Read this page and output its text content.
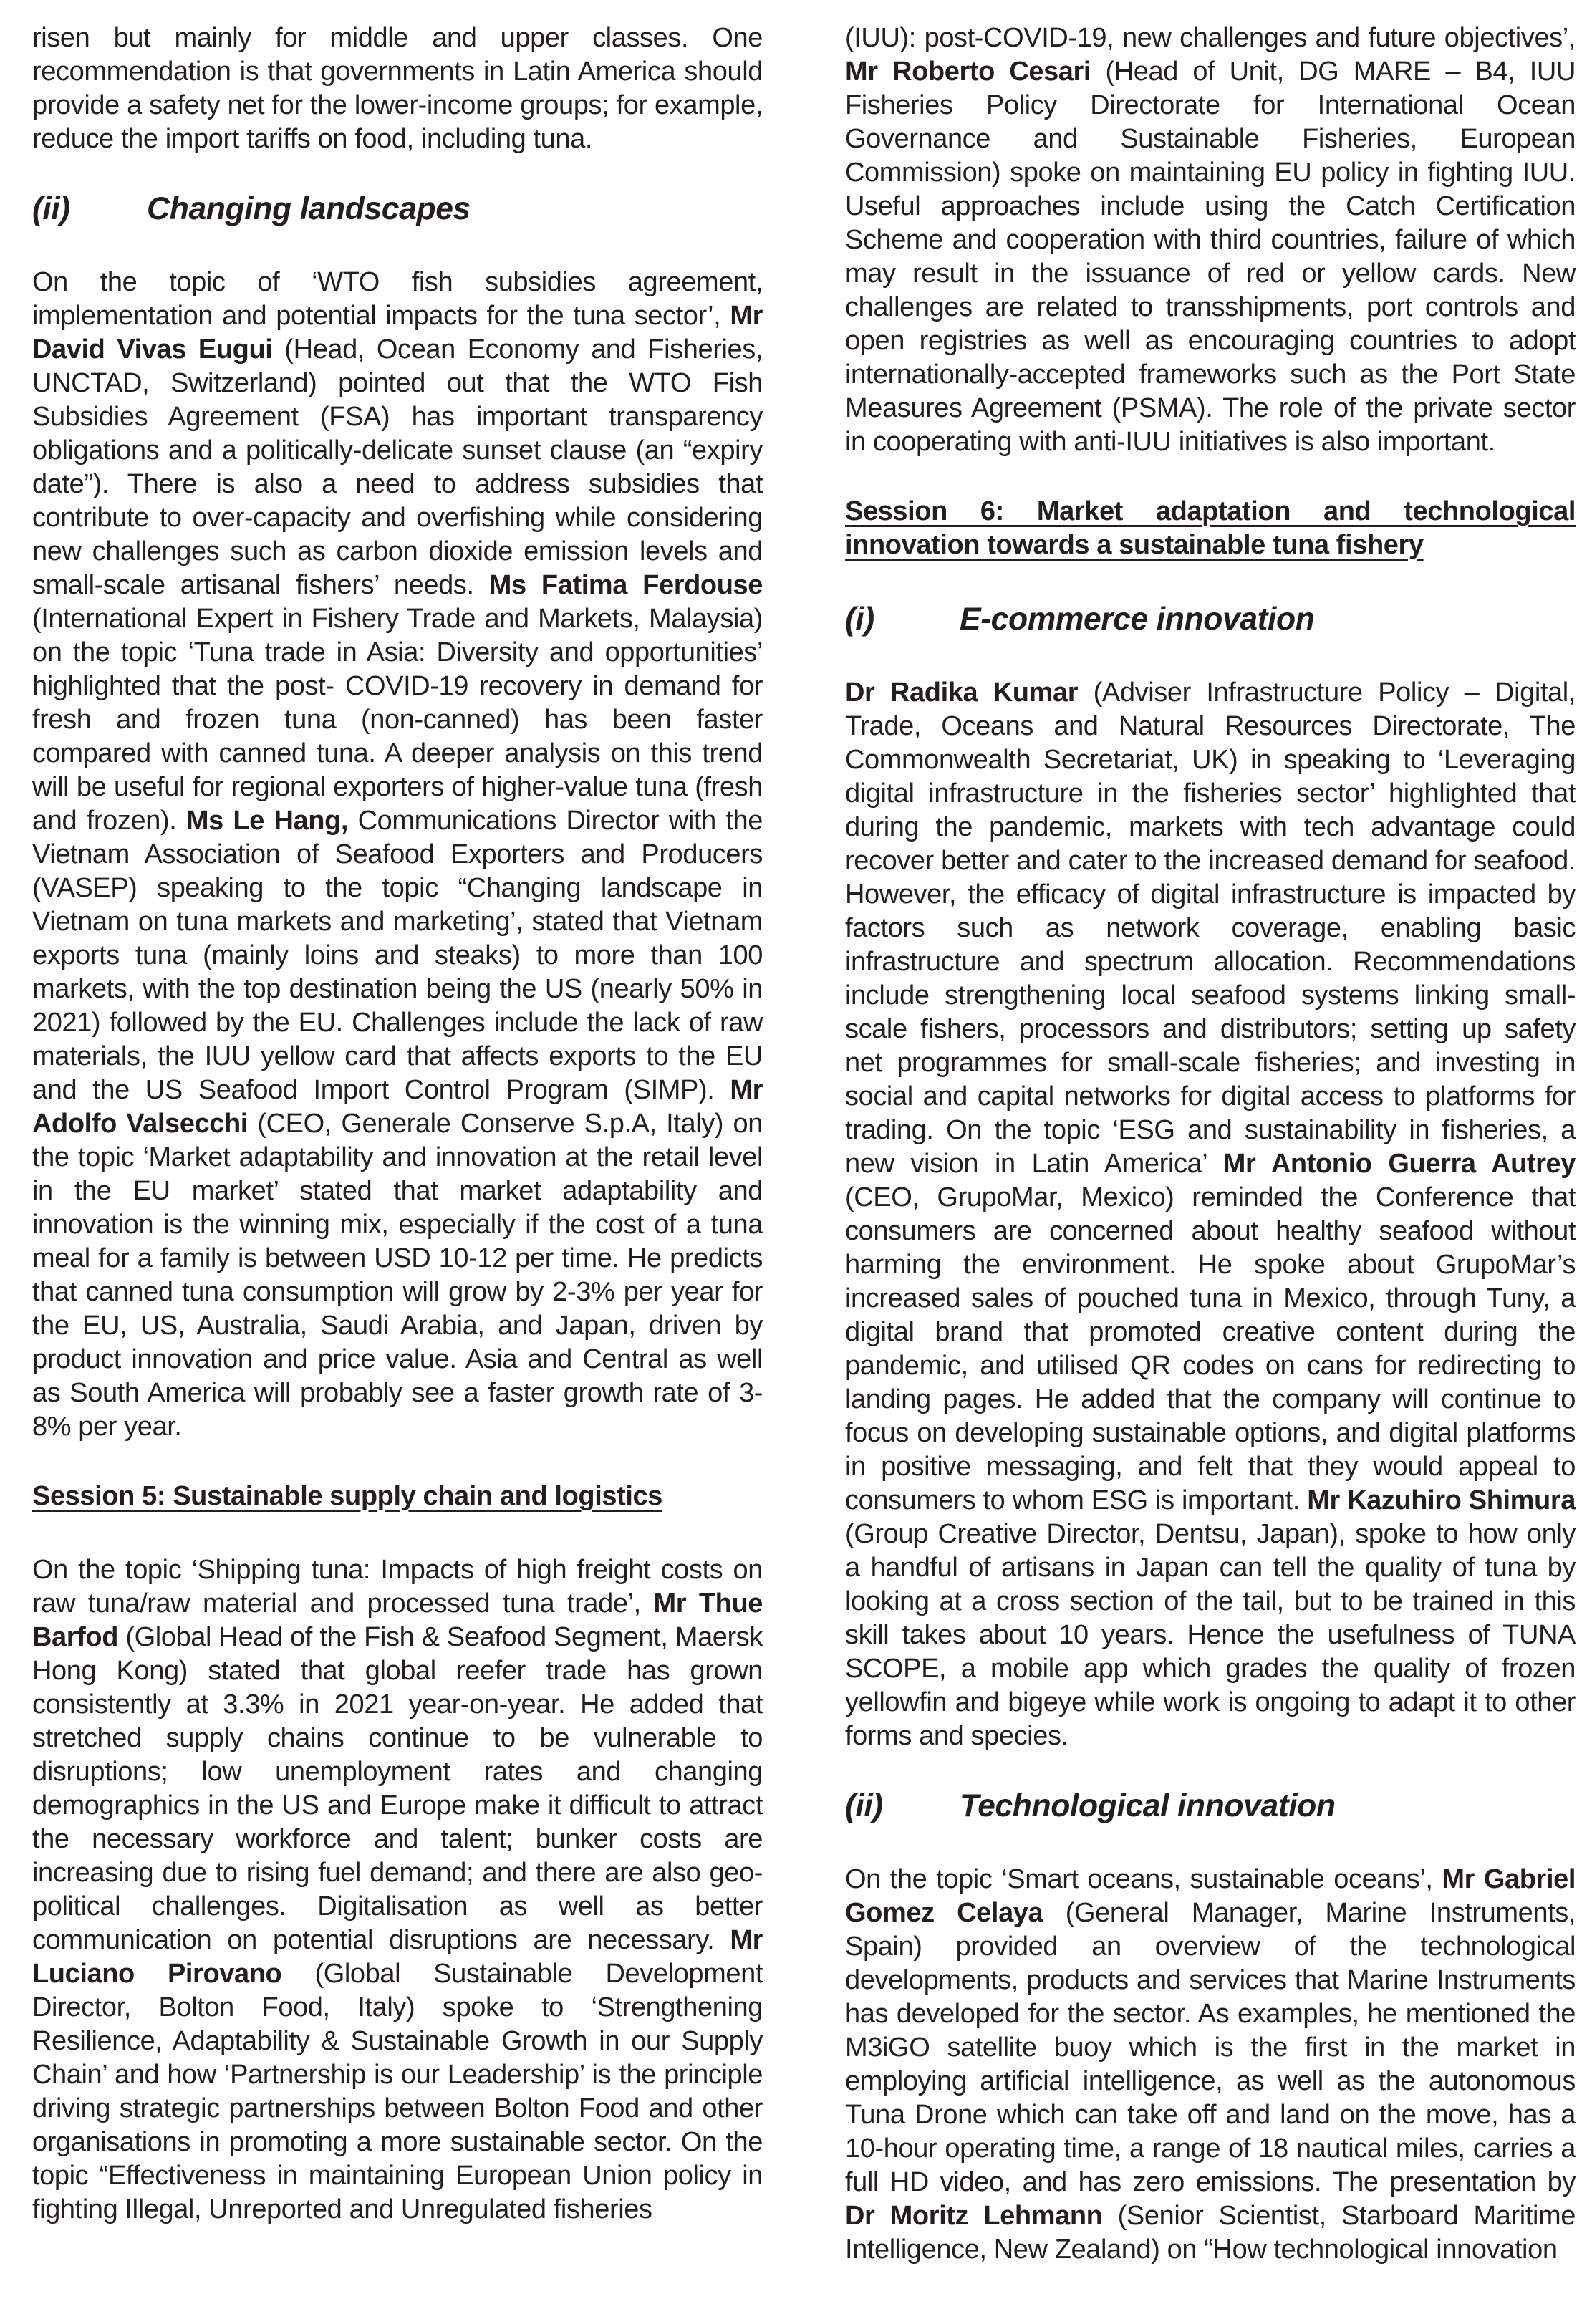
risen but mainly for middle and upper classes. One recommendation is that governments in Latin America should provide a safety net for the lower-income groups; for example, reduce the import tariffs on food, including tuna.

(ii)	Changing landscapes

On the topic of ‘WTO fish subsidies agreement, implementation and potential impacts for the tuna sector’, Mr David Vivas Eugui (Head, Ocean Economy and Fisheries, UNCTAD, Switzerland) pointed out that the WTO Fish Subsidies Agreement (FSA) has important transparency obligations and a politically-delicate sunset clause (an “expiry date”). There is also a need to address subsidies that contribute to over-capacity and overfishing while considering new challenges such as carbon dioxide emission levels and small-scale artisanal fishers’ needs. Ms Fatima Ferdouse (International Expert in Fishery Trade and Markets, Malaysia) on the topic ‘Tuna trade in Asia: Diversity and opportunities’ highlighted that the post- COVID-19 recovery in demand for fresh and frozen tuna (non-canned) has been faster compared with canned tuna. A deeper analysis on this trend will be useful for regional exporters of higher-value tuna (fresh and frozen). Ms Le Hang, Communications Director with the Vietnam Association of Seafood Exporters and Producers (VASEP) speaking to the topic “Changing landscape in Vietnam on tuna markets and marketing’, stated that Vietnam exports tuna (mainly loins and steaks) to more than 100 markets, with the top destination being the US (nearly 50% in 2021) followed by the EU. Challenges include the lack of raw materials, the IUU yellow card that affects exports to the EU and the US Seafood Import Control Program (SIMP). Mr Adolfo Valsecchi (CEO, Generale Conserve S.p.A, Italy) on the topic ‘Market adaptability and innovation at the retail level in the EU market’ stated that market adaptability and innovation is the winning mix, especially if the cost of a tuna meal for a family is between USD 10-12 per time. He predicts that canned tuna consumption will grow by 2-3% per year for the EU, US, Australia, Saudi Arabia, and Japan, driven by product innovation and price value. Asia and Central as well as South America will probably see a faster growth rate of 3-8% per year.

Session 5: Sustainable supply chain and logistics

On the topic ‘Shipping tuna: Impacts of high freight costs on raw tuna/raw material and processed tuna trade’, Mr Thue Barfod (Global Head of the Fish & Seafood Segment, Maersk Hong Kong) stated that global reefer trade has grown consistently at 3.3% in 2021 year-on-year. He added that stretched supply chains continue to be vulnerable to disruptions; low unemployment rates and changing demographics in the US and Europe make it difficult to attract the necessary workforce and talent; bunker costs are increasing due to rising fuel demand; and there are also geo-political challenges. Digitalisation as well as better communication on potential disruptions are necessary. Mr Luciano Pirovano (Global Sustainable Development Director, Bolton Food, Italy) spoke to ‘Strengthening Resilience, Adaptability & Sustainable Growth in our Supply Chain’ and how ‘Partnership is our Leadership’ is the principle driving strategic partnerships between Bolton Food and other organisations in promoting a more sustainable sector. On the topic “Effectiveness in maintaining European Union policy in fighting Illegal, Unreported and Unregulated fisheries

(IUU): post-COVID-19, new challenges and future objectives’, Mr Roberto Cesari (Head of Unit, DG MARE – B4, IUU Fisheries Policy Directorate for International Ocean Governance and Sustainable Fisheries, European Commission) spoke on maintaining EU policy in fighting IUU. Useful approaches include using the Catch Certification Scheme and cooperation with third countries, failure of which may result in the issuance of red or yellow cards. New challenges are related to transshipments, port controls and open registries as well as encouraging countries to adopt internationally-accepted frameworks such as the Port State Measures Agreement (PSMA). The role of the private sector in cooperating with anti-IUU initiatives is also important.

Session 6: Market adaptation and technological innovation towards a sustainable tuna fishery
(i)	E-commerce innovation

Dr Radika Kumar (Adviser Infrastructure Policy – Digital, Trade, Oceans and Natural Resources Directorate, The Commonwealth Secretariat, UK) in speaking to ‘Leveraging digital infrastructure in the fisheries sector’ highlighted that during the pandemic, markets with tech advantage could recover better and cater to the increased demand for seafood. However, the efficacy of digital infrastructure is impacted by factors such as network coverage, enabling basic infrastructure and spectrum allocation. Recommendations include strengthening local seafood systems linking small-scale fishers, processors and distributors; setting up safety net programmes for small-scale fisheries; and investing in social and capital networks for digital access to platforms for trading. On the topic ‘ESG and sustainability in fisheries, a new vision in Latin America’ Mr Antonio Guerra Autrey (CEO, GrupoMar, Mexico) reminded the Conference that consumers are concerned about healthy seafood without harming the environment. He spoke about GrupoMar’s increased sales of pouched tuna in Mexico, through Tuny, a digital brand that promoted creative content during the pandemic, and utilised QR codes on cans for redirecting to landing pages. He added that the company will continue to focus on developing sustainable options, and digital platforms in positive messaging, and felt that they would appeal to consumers to whom ESG is important. Mr Kazuhiro Shimura (Group Creative Director, Dentsu, Japan), spoke to how only a handful of artisans in Japan can tell the quality of tuna by looking at a cross section of the tail, but to be trained in this skill takes about 10 years. Hence the usefulness of TUNA SCOPE, a mobile app which grades the quality of frozen yellowfin and bigeye while work is ongoing to adapt it to other forms and species.

(ii)	Technological innovation

On the topic ‘Smart oceans, sustainable oceans’, Mr Gabriel Gomez Celaya (General Manager, Marine Instruments, Spain) provided an overview of the technological developments, products and services that Marine Instruments has developed for the sector. As examples, he mentioned the M3iGO satellite buoy which is the first in the market in employing artificial intelligence, as well as the autonomous Tuna Drone which can take off and land on the move, has a 10-hour operating time, a range of 18 nautical miles, carries a full HD video, and has zero emissions. The presentation by Dr Moritz Lehmann (Senior Scientist, Starboard Maritime Intelligence, New Zealand) on “How technological innovation
